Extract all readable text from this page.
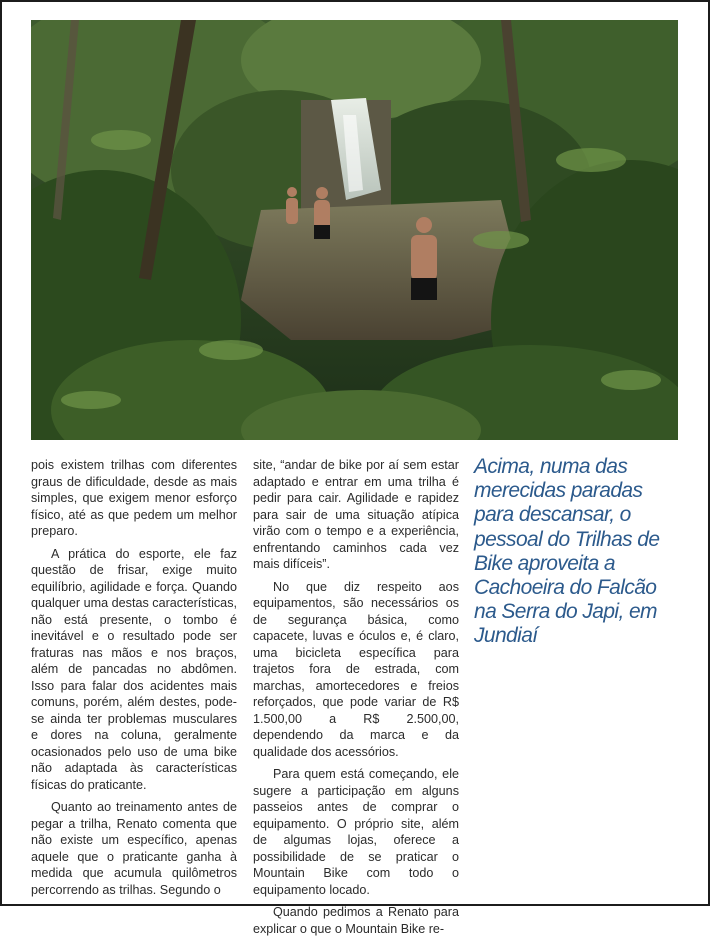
pois existem trilhas com diferentes graus de dificuldade, desde as mais simples, que exigem menor esforço físico, até as que pedem um melhor preparo.

A prática do esporte, ele faz questão de frisar, exige muito equilíbrio, agilidade e força. Quando qualquer uma destas características, não está presente, o tombo é inevitável e o resultado pode ser fraturas nas mãos e nos braços, além de pancadas no abdômen. Isso para falar dos acidentes mais comuns, porém, além destes, pode-se ainda ter problemas musculares e dores na coluna, geralmente ocasionados pelo uso de uma bike não adaptada às características físicas do praticante.

Quanto ao treinamento antes de pegar a trilha, Renato comenta que não existe um específico, apenas aquele que o praticante ganha à medida que acumula quilômetros percorrendo as trilhas. Segundo o

site, “andar de bike por aí sem estar adaptado e entrar em uma trilha é pedir para cair. Agilidade e rapidez para sair de uma situação atípica virão com o tempo e a experiência, enfrentando caminhos cada vez mais difíceis”.

No que diz respeito aos equipamentos, são necessários os de segurança básica, como capacete, luvas e óculos e, é claro, uma bicicleta específica para trajetos fora de estrada, com marchas, amortecedores e freios reforçados, que pode variar de R$ 1.500,00 a R$ 2.500,00, dependendo da marca e da qualidade dos acessórios.

Para quem está começando, ele sugere a participação em alguns passeios antes de comprar o equipamento. O próprio site, além de algumas lojas, oferece a possibilidade de se praticar o Mountain Bike com todo o equipamento locado.

Quando pedimos a Renato para explicar o que o Mountain Bike re-

Acima, numa das merecidas paradas para descansar, o pessoal do Trilhas de Bike aproveita a Cachoeira do Falcão na Serra do Japi, em Jundiaí
